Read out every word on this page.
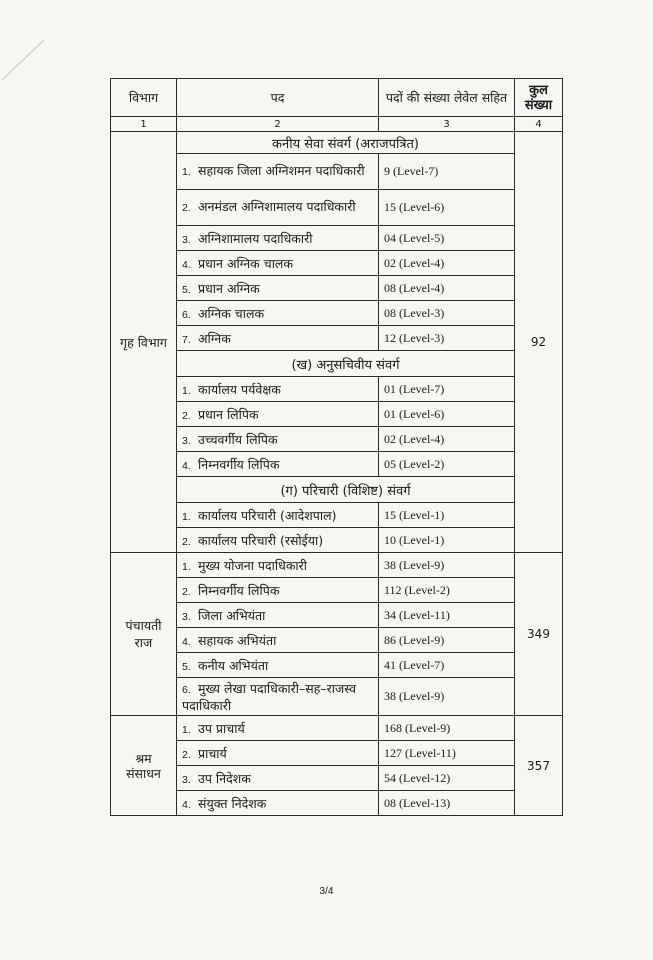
विभाग	पद	पदों की संख्या लेवेल सहित	कुल संख्या
1	2	3	4
गृह विभाग	कनीय सेवा संवर्ग (अराजपत्रित)		92
	1. सहायक जिला अग्निशमन पदाधिकारी	9 (Level-7)	
	2. अनमंडल अग्निशामालय पदाधिकारी	15 (Level-6)	
	3. अग्निशामालय पदाधिकारी	04 (Level-5)	
	4. प्रधान अग्निक चालक	02 (Level-4)	
	5. प्रधान अग्निक	08 (Level-4)	
	6. अग्निक चालक	08 (Level-3)	
	7. अग्निक	12 (Level-3)	
	(ख) अनुसचिवीय संवर्ग		
	1. कार्यालय पर्यवेक्षक	01 (Level-7)	
	2. प्रधान लिपिक	01 (Level-6)	
	3. उच्चवर्गीय लिपिक	02 (Level-4)	
	4. निम्नवर्गीय लिपिक	05 (Level-2)	
	(ग) परिचारी (विशिष्ट) संवर्ग		
	1. कार्यालय परिचारी (आदेशपाल)	15 (Level-1)	
	2. कार्यालय परिचारी (रसोईया)	10 (Level-1)	
पंचायती राज	1. मुख्य योजना पदाधिकारी	38 (Level-9)	349
	2. निम्नवर्गीय लिपिक	112 (Level-2)	
	3. जिला अभियंता	34 (Level-11)	
	4. सहायक अभियंता	86 (Level-9)	
	5. कनीय अभियंता	41 (Level-7)	
	6. मुख्य लेखा पदाधिकारी–सह–राजस्व पदाधिकारी	38 (Level-9)	
श्रम संसाधन	1. उप प्राचार्य	168 (Level-9)	357
	2. प्राचार्य	127 (Level-11)	
	3. उप निदेशक	54 (Level-12)	
	4. संयुक्त निदेशक	08 (Level-13)	
3/4
